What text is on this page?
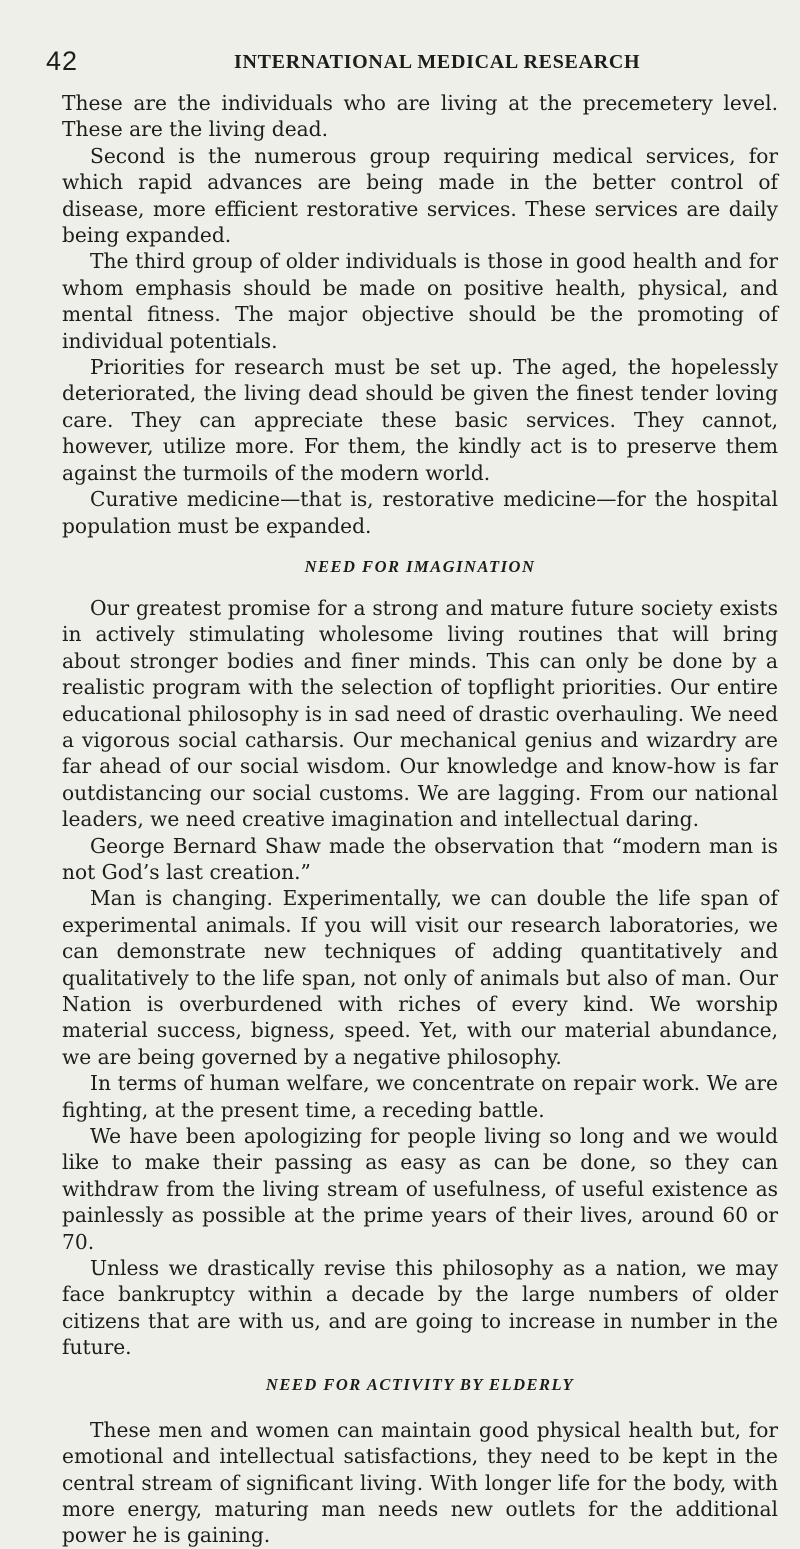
42	INTERNATIONAL MEDICAL RESEARCH

These are the individuals who are living at the precemetery level. These are the living dead.

Second is the numerous group requiring medical services, for which rapid advances are being made in the better control of disease, more efficient restorative services. These services are daily being expanded.

The third group of older individuals is those in good health and for whom emphasis should be made on positive health, physical, and mental fitness. The major objective should be the promoting of individual potentials.

Priorities for research must be set up. The aged, the hopelessly deteriorated, the living dead should be given the finest tender loving care. They can appreciate these basic services. They cannot, however, utilize more. For them, the kindly act is to preserve them against the turmoils of the modern world.

Curative medicine—that is, restorative medicine—for the hospital population must be expanded.

NEED FOR IMAGINATION

Our greatest promise for a strong and mature future society exists in actively stimulating wholesome living routines that will bring about stronger bodies and finer minds. This can only be done by a realistic program with the selection of topflight priorities. Our entire educational philosophy is in sad need of drastic overhauling. We need a vigorous social catharsis. Our mechanical genius and wizardry are far ahead of our social wisdom. Our knowledge and know-how is far outdistancing our social customs. We are lagging. From our national leaders, we need creative imagination and intellectual daring.

George Bernard Shaw made the observation that “modern man is not God’s last creation.”

Man is changing. Experimentally, we can double the life span of experimental animals. If you will visit our research laboratories, we can demonstrate new techniques of adding quantitatively and qualitatively to the life span, not only of animals but also of man. Our Nation is overburdened with riches of every kind. We worship material success, bigness, speed. Yet, with our material abundance, we are being governed by a negative philosophy.

In terms of human welfare, we concentrate on repair work. We are fighting, at the present time, a receding battle.

We have been apologizing for people living so long and we would like to make their passing as easy as can be done, so they can withdraw from the living stream of usefulness, of useful existence as painlessly as possible at the prime years of their lives, around 60 or 70.

Unless we drastically revise this philosophy as a nation, we may face bankruptcy within a decade by the large numbers of older citizens that are with us, and are going to increase in number in the future.

NEED FOR ACTIVITY BY ELDERLY

These men and women can maintain good physical health but, for emotional and intellectual satisfactions, they need to be kept in the central stream of significant living. With longer life for the body, with more energy, maturing man needs new outlets for the additional power he is gaining.
